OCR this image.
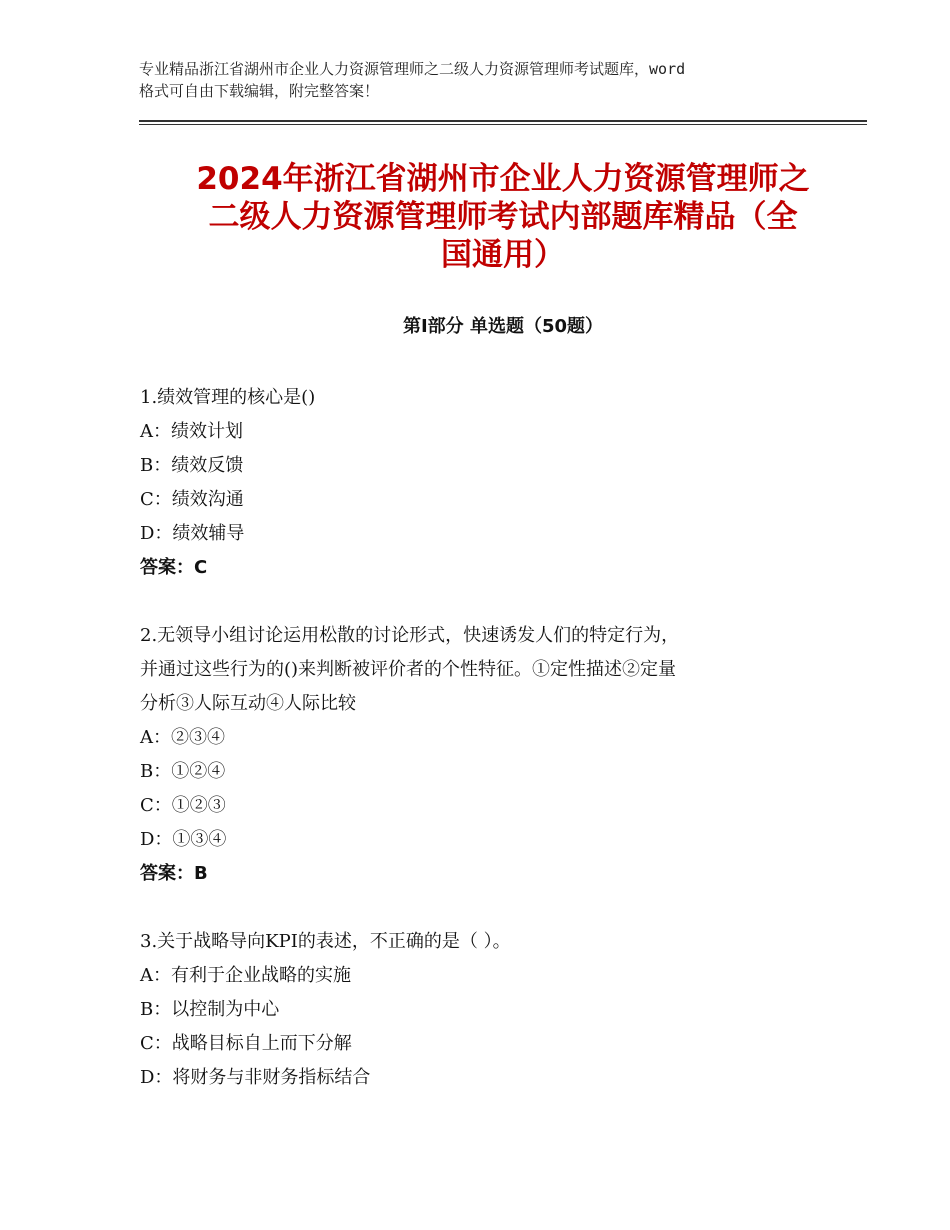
专业精品浙江省湖州市企业人力资源管理师之二级人力资源管理师考试题库，word
格式可自由下载编辑，附完整答案！
2024年浙江省湖州市企业人力资源管理师之
二级人力资源管理师考试内部题库精品（全
国通用）
第Ⅰ部分 单选题（50题）
1.绩效管理的核心是()
A：绩效计划
B：绩效反馈
C：绩效沟通
D：绩效辅导
答案：C
2.无领导小组讨论运用松散的讨论形式，快速诱发人们的特定行为，
并通过这些行为的()来判断被评价者的个性特征。①定性描述②定量
分析③人际互动④人际比较
A：②③④
B：①②④
C：①②③
D：①③④
答案：B
3.关于战略导向KPI的表述，不正确的是（ ）。
A：有利于企业战略的实施
B：以控制为中心
C：战略目标自上而下分解
D：将财务与非财务指标结合
